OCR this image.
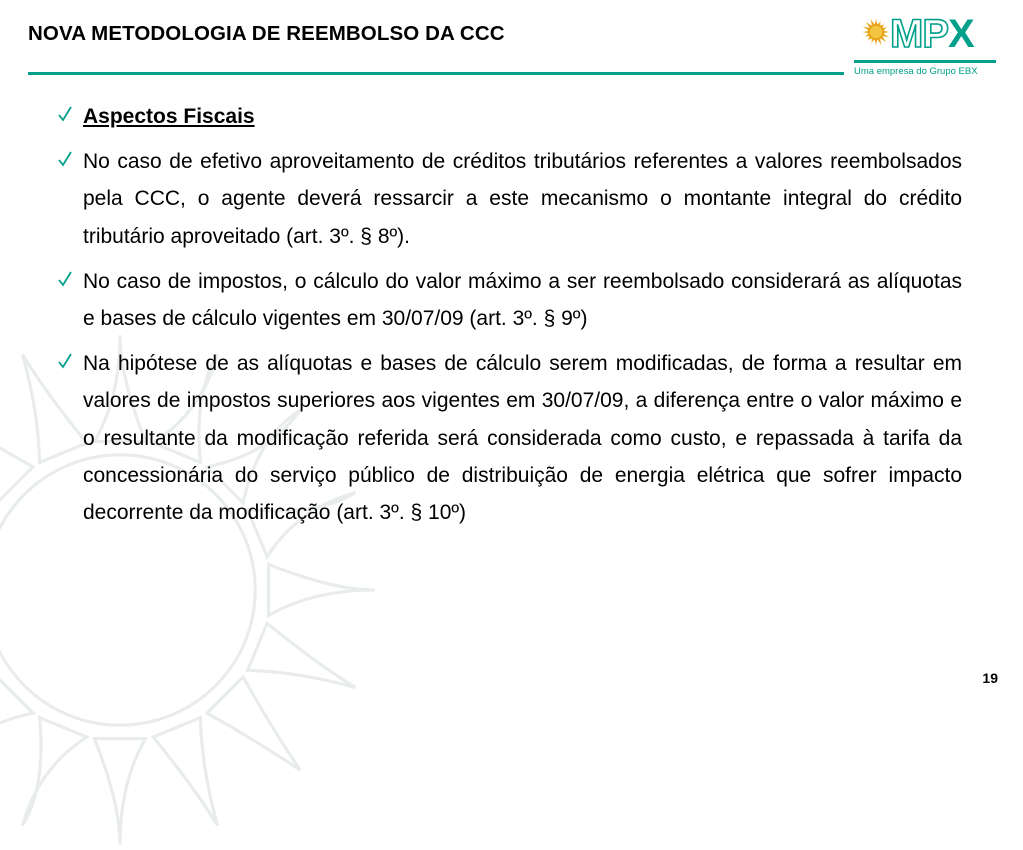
NOVA METODOLOGIA DE REEMBOLSO DA CCC	MP X
Uma empresa do Grupo EBX
Aspectos Fiscais
No caso de efetivo aproveitamento de créditos tributários referentes a valores reembolsados pela CCC, o agente deverá ressarcir a este mecanismo o montante integral do crédito tributário aproveitado (art. 3º. § 8º).
No caso de impostos, o cálculo do valor máximo a ser reembolsado considerará as alíquotas e bases de cálculo vigentes em 30/07/09 (art. 3º. § 9º)
Na hipótese de as alíquotas e bases de cálculo serem modificadas, de forma a resultar em valores de impostos superiores aos vigentes em 30/07/09, a diferença entre o valor máximo e o resultante da modificação referida será considerada como custo, e repassada à tarifa da concessionária do serviço público de distribuição de energia elétrica que sofrer impacto decorrente da modificação (art. 3º. § 10º)
19
